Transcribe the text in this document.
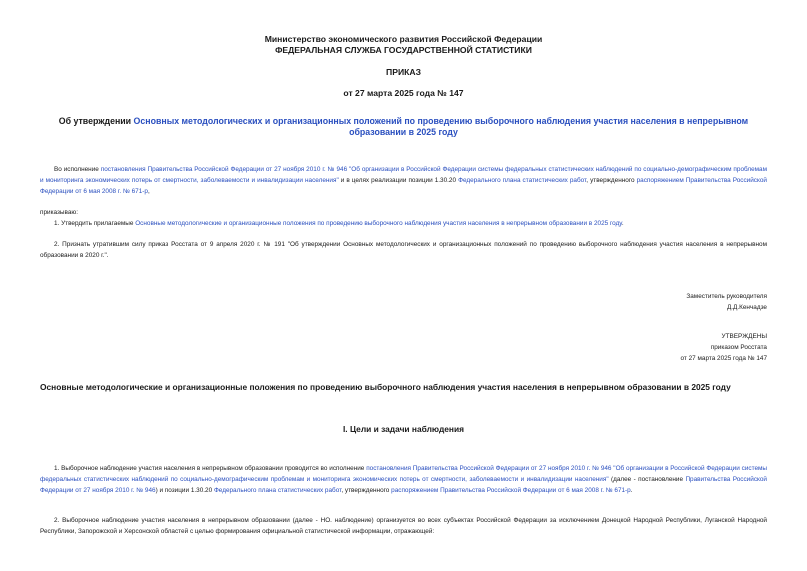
Министерство экономического развития Российской Федерации
ФЕДЕРАЛЬНАЯ СЛУЖБА ГОСУДАРСТВЕННОЙ СТАТИСТИКИ
ПРИКАЗ
от 27 марта 2025 года № 147
Об утверждении Основных методологических и организационных положений по проведению выборочного наблюдения участия населения в непрерывном образовании в 2025 году
Во исполнение постановления Правительства Российской Федерации от 27 ноября 2010 г. № 946 "Об организации в Российской Федерации системы федеральных статистических наблюдений по социально-демографическим проблемам и мониторинга экономических потерь от смертности, заболеваемости и инвалидизации населения" и в целях реализации позиции 1.30.20 Федерального плана статистических работ, утвержденного распоряжением Правительства Российской Федерации от 6 мая 2008 г. № 671-р,
приказываю:
1. Утвердить прилагаемые Основные методологические и организационные положения по проведению выборочного наблюдения участия населения в непрерывном образовании в 2025 году.
2. Признать утратившим силу приказ Росстата от 9 апреля 2020 г. № 191 "Об утверждении Основных методологических и организационных положений по проведению выборочного наблюдения участия населения в непрерывном образовании в 2020 г.".
Заместитель руководителя
Д.Д.Кенчадзе
УТВЕРЖДЕНЫ
приказом Росстата
от 27 марта 2025 года № 147
Основные методологические и организационные положения по проведению выборочного наблюдения участия населения в непрерывном образовании в 2025 году
I. Цели и задачи наблюдения
1. Выборочное наблюдение участия населения в непрерывном образовании проводится во исполнение постановления Правительства Российской Федерации от 27 ноября 2010 г. № 946 "Об организации в Российской Федерации системы федеральных статистических наблюдений по социально-демографическим проблемам и мониторинга экономических потерь от смертности, заболеваемости и инвалидизации населения" (далее - постановление Правительства Российской Федерации от 27 ноября 2010 г. № 946) и позиции 1.30.20 Федерального плана статистических работ, утвержденного распоряжением Правительства Российской Федерации от 6 мая 2008 г. № 671-р.
2. Выборочное наблюдение участия населения в непрерывном образовании (далее - НО. наблюдение) организуется во всех субъектах Российской Федерации за исключением Донецкой Народной Республики, Луганской Народной Республики, Запорожской и Херсонской областей с целью формирования официальной статистической информации, отражающей:
